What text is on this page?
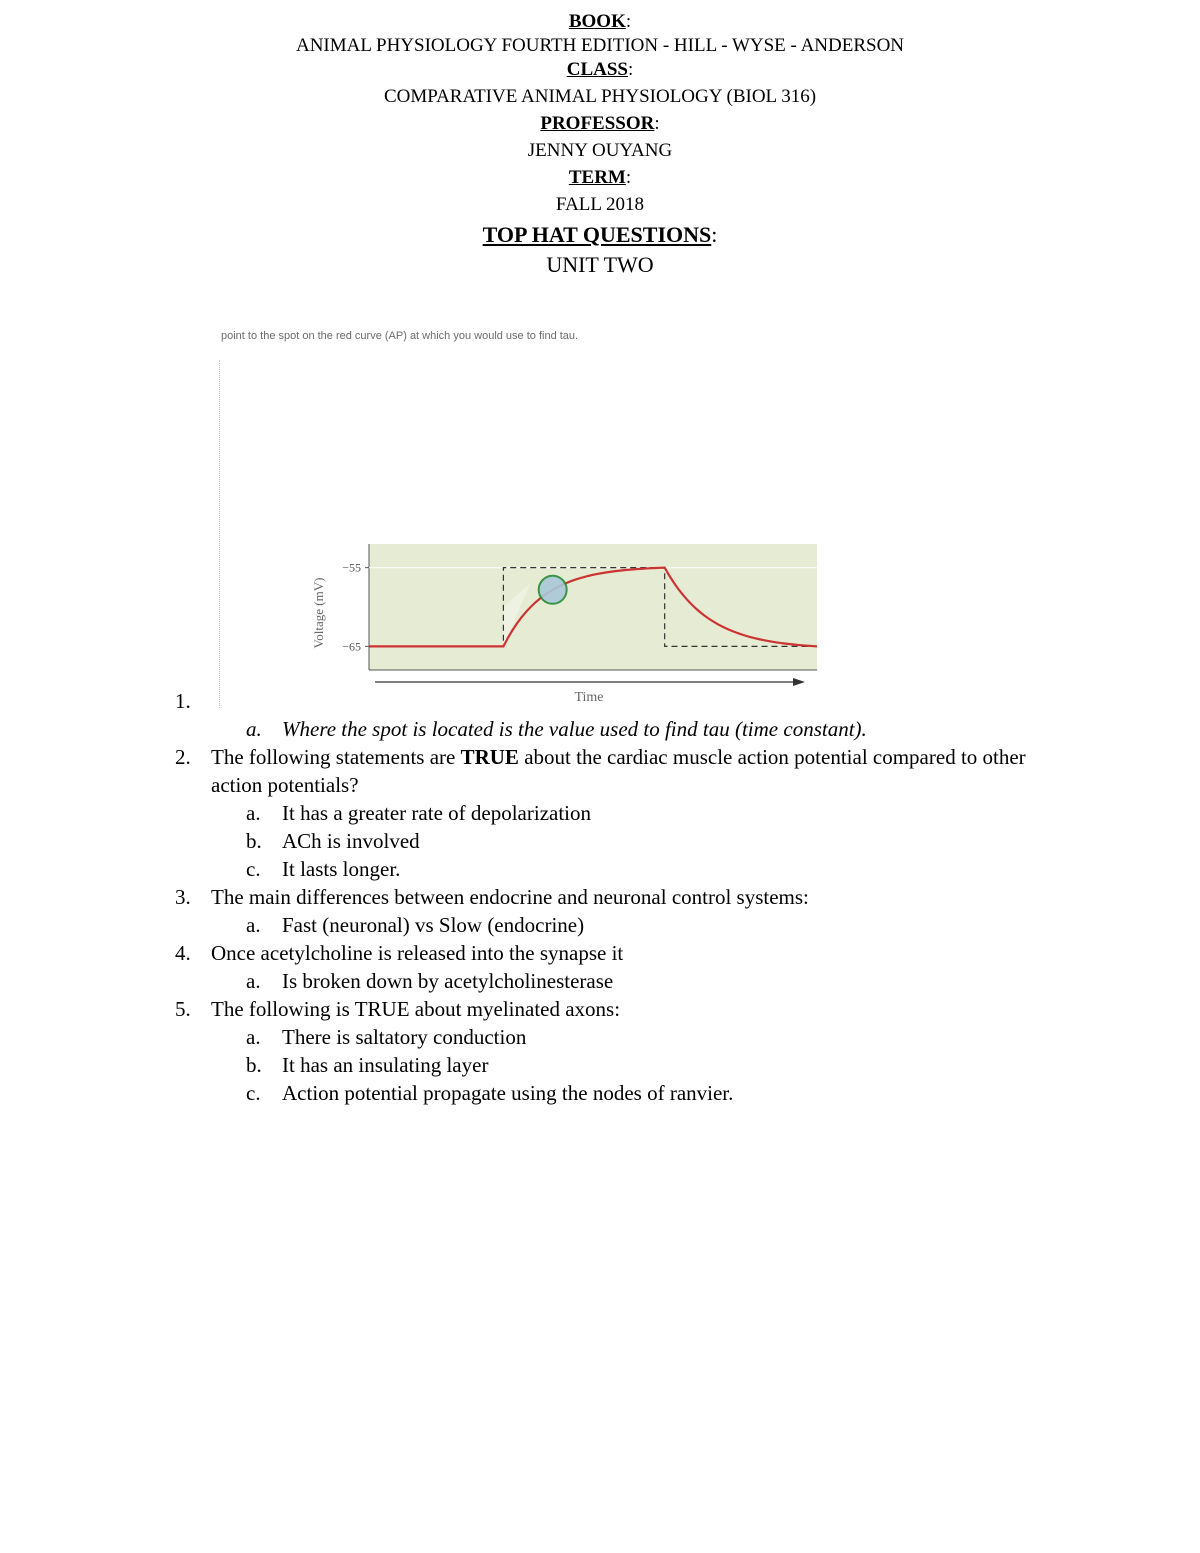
BOOK:
ANIMAL PHYSIOLOGY FOURTH EDITION - HILL - WYSE - ANDERSON
CLASS:
COMPARATIVE ANIMAL PHYSIOLOGY (BIOL 316)
PROFESSOR:
JENNY OUYANG
TERM:
FALL 2018
TOP HAT QUESTIONS:
UNIT TWO
point to the spot on the red curve (AP) at which you would use to find tau.
−55
−65
Voltage (mV)
Time
1.
a. Where the spot is located is the value used to find tau (time constant).
2. The following statements are TRUE about the cardiac muscle action potential compared to other action potentials?
a.	It has a greater rate of depolarization
b. ACh is involved
c.	It lasts longer.
3. The main differences between endocrine and neuronal control systems:
a.	Fast (neuronal) vs Slow (endocrine)
4. Once acetylcholine is released into the synapse it
a.	Is broken down by acetylcholinesterase
5. The following is TRUE about myelinated axons:
a.	There is saltatory conduction
b. It has an insulating layer
c.	Action potential propagate using the nodes of ranvier.
